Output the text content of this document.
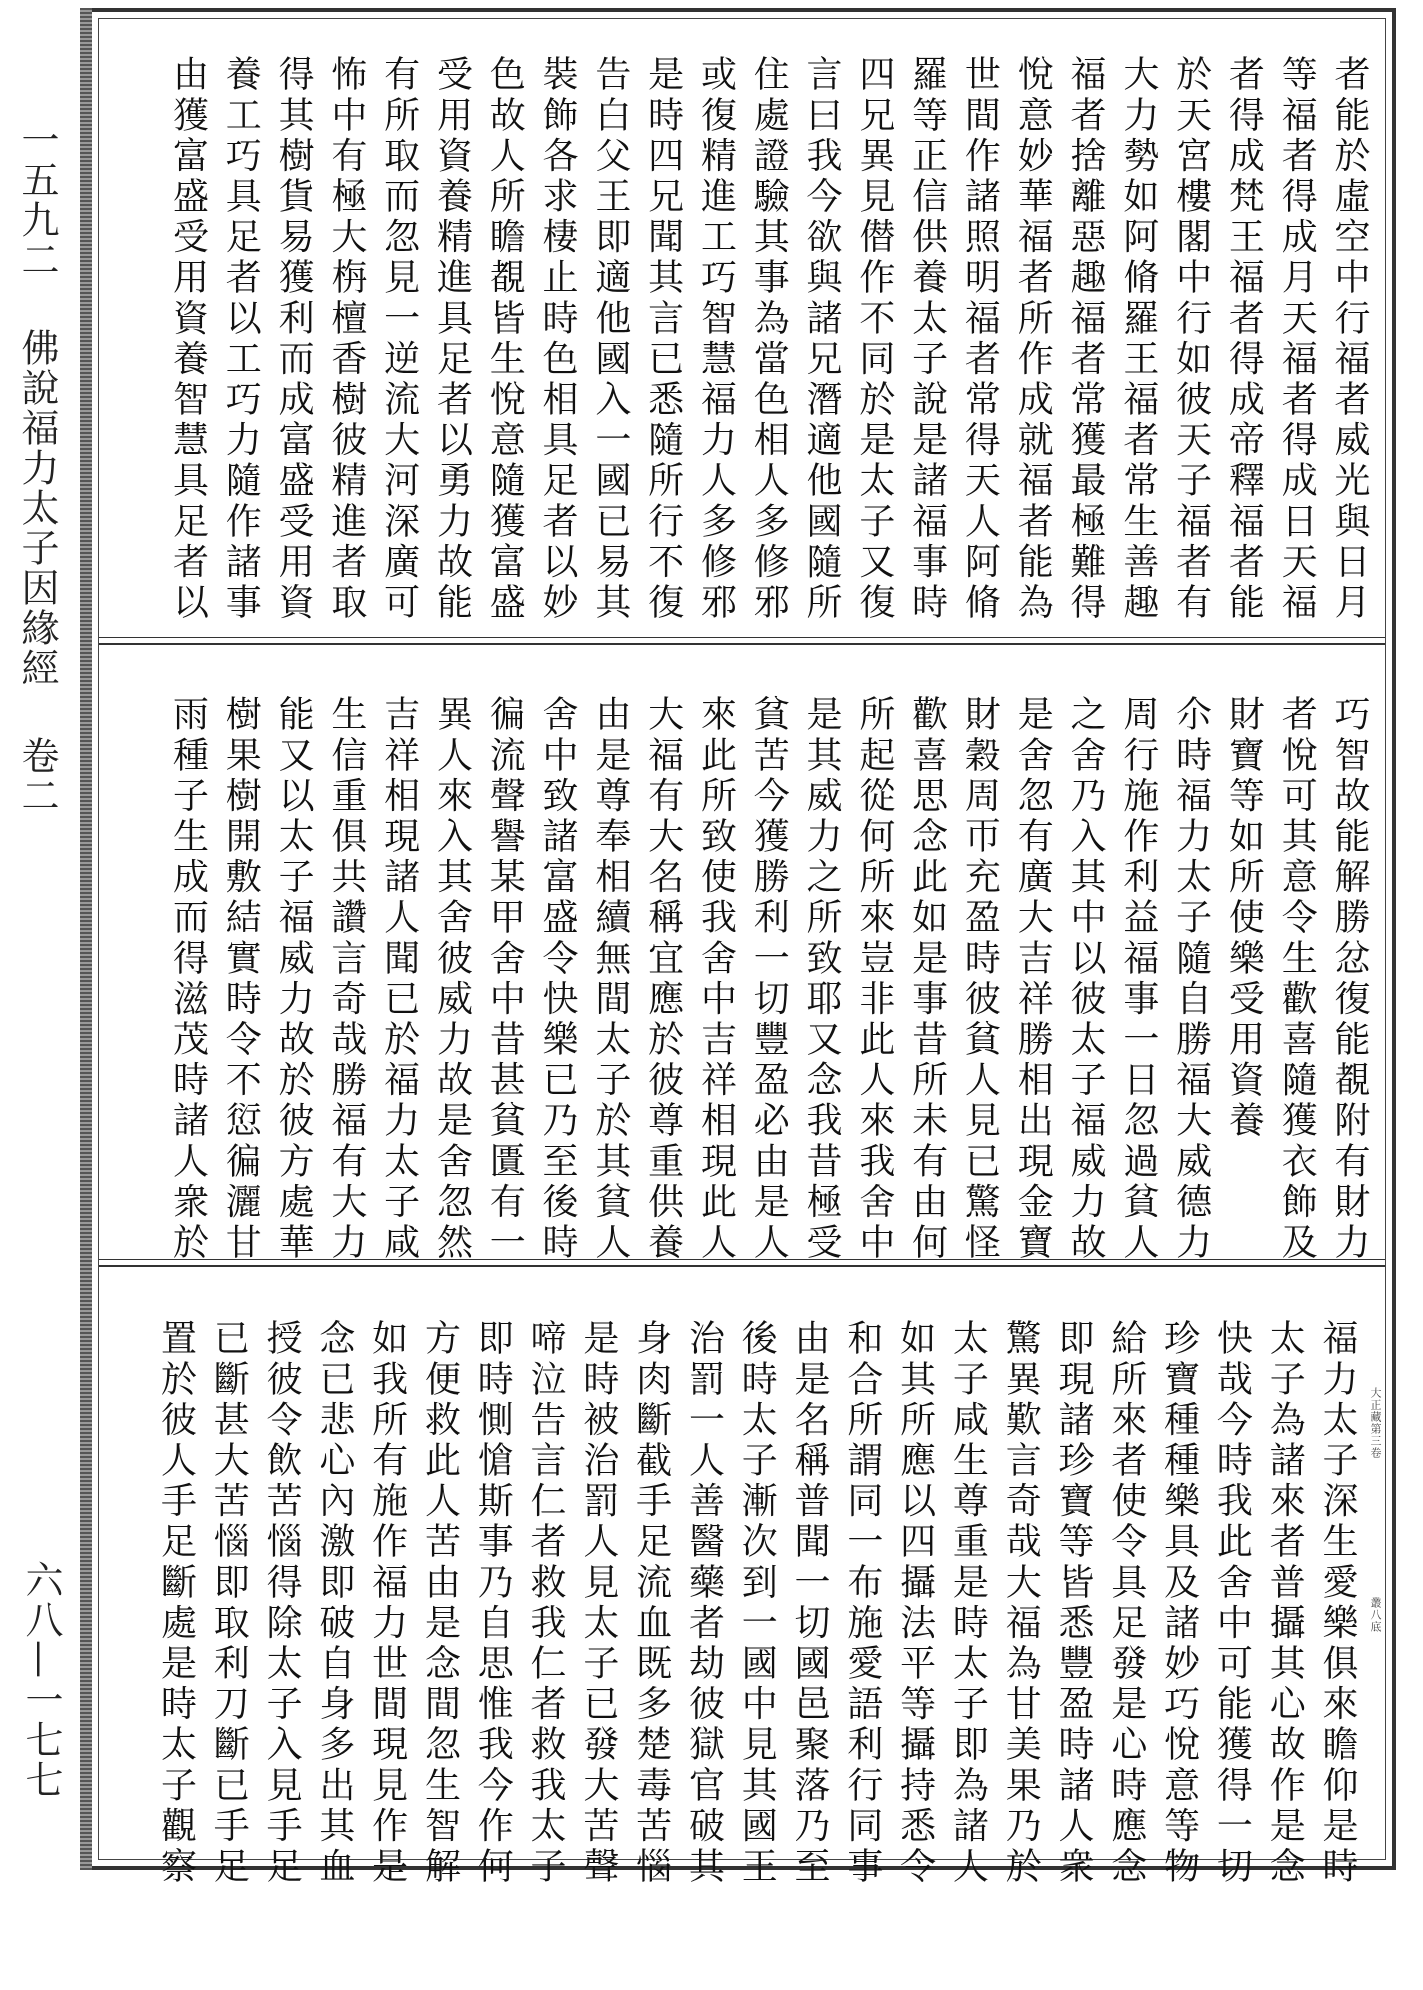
一五九二 佛說福力太子因緣經 卷二
六八—一七七
者能於虛空中行福者威光與日月
等福者得成月天福者得成日天福
者得成梵王福者得成帝釋福者能
於天宮樓閣中行如彼天子福者有
大力勢如阿脩羅王福者常生善趣
福者捨離惡趣福者常獲最極難得
悅意妙華福者所作成就福者能為
世間作諸照明福者常得天人阿脩
羅等正信供養太子說是諸福事時
四兄異見僣作不同於是太子又復
言曰我今欲與諸兄潛適他國隨所
住處證驗其事為當色相人多修邪
或復精進工巧智慧福力人多修邪
是時四兄聞其言已悉隨所行不復
告白父王即適他國入一國已易其
裝飾各求棲止時色相具足者以妙
色故人所瞻覩皆生悅意隨獲富盛
受用資養精進具足者以勇力故能
有所取而忽見一逆流大河深廣可
怖中有極大栴檀香樹彼精進者取
得其樹貨易獲利而成富盛受用資
養工巧具足者以工巧力隨作諸事
由獲富盛受用資養智慧具足者以
巧智故能解勝忿復能覩附有財力
者悅可其意令生歡喜隨獲衣飾及
財寶等如所使樂受用資養
尒時福力太子隨自勝福大威德力
周行施作利益福事一日忽過貧人
之舍乃入其中以彼太子福威力故
是舍忽有廣大吉祥勝相出現金寶
財穀周帀充盈時彼貧人見已驚怪
歡喜思念此如是事昔所未有由何
所起從何所來豈非此人來我舍中
是其威力之所致耶又念我昔極受
貧苦今獲勝利一切豐盈必由是人
來此所致使我舍中吉祥相現此人
大福有大名稱宜應於彼尊重供養
由是尊奉相續無間太子於其貧人
舍中致諸富盛令快樂已乃至後時
徧流聲譽某甲舍中昔甚貧匱有一
異人來入其舍彼威力故是舍忽然
吉祥相現諸人聞已於福力太子咸
生信重俱共讚言奇哉勝福有大力
能又以太子福威力故於彼方處華
樹果樹開敷結實時令不愆徧灑甘
雨種子生成而得滋茂時諸人衆於
福力太子深生愛樂俱來瞻仰是時
太子為諸來者普攝其心故作是念
快哉今時我此舍中可能獲得一切
珍寶種種樂具及諸妙巧悅意等物
給所來者使令具足發是心時應念
即現諸珍寶等皆悉豐盈時諸人衆
驚異歎言奇哉大福為甘美果乃於
太子咸生尊重是時太子即為諸人
如其所應以四攝法平等攝持悉令
和合所謂同一布施愛語利行同事
由是名稱普聞一切國邑聚落乃至
後時太子漸次到一國中見其國王
治罰一人善醫藥者劫彼獄官破其
身肉斷截手足流血既多楚毒苦惱
是時被治罰人見太子已發大苦聲
啼泣告言仁者救我仁者救我太子
即時惻愴斯事乃自思惟我今作何
方便救此人苦由是念間忽生智解
如我所有施作福力世間現見作是
念已悲心內激即破自身多出其血
授彼令飲苦惱得除太子入見手足
已斷甚大苦惱即取利刀斷已手足
置於彼人手足斷處是時太子觀察	大正藏第三卷
叢八底
